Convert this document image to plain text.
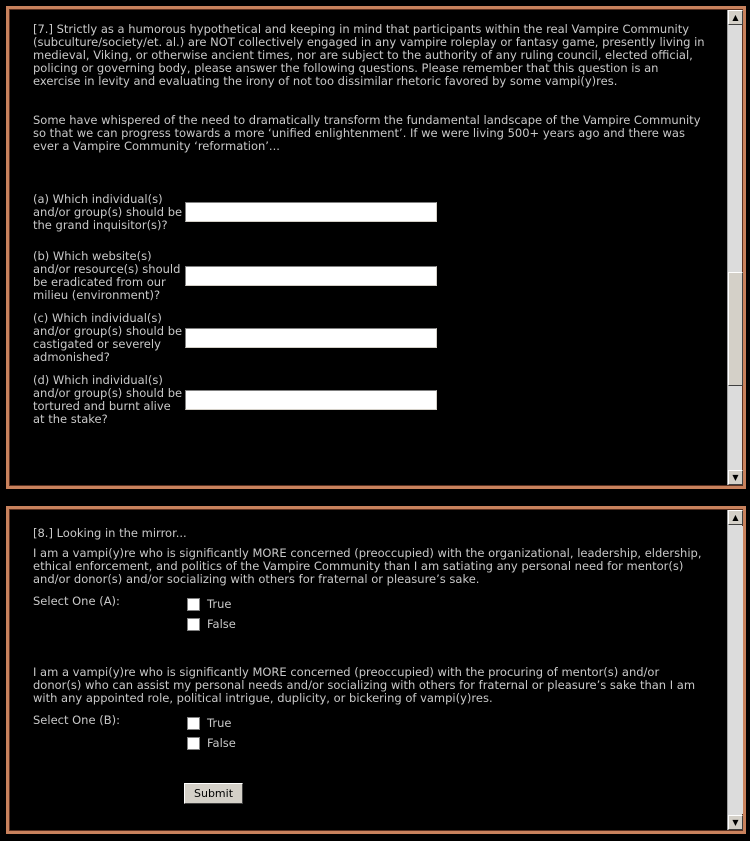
[7.] Strictly as a humorous hypothetical and keeping in mind that participants within the real Vampire Community (subculture/society/et. al.) are NOT collectively engaged in any vampire roleplay or fantasy game, presently living in medieval, Viking, or otherwise ancient times, nor are subject to the authority of any ruling council, elected official, policing or governing body, please answer the following questions. Please remember that this question is an exercise in levity and evaluating the irony of not too dissimilar rhetoric favored by some vampi(y)res.

Some have whispered of the need to dramatically transform the fundamental landscape of the Vampire Community so that we can progress towards a more ‘unified enlightenment’. If we were living 500+ years ago and there was ever a Vampire Community ‘reformation’...

(a) Which individual(s) and/or group(s) should be the grand inquisitor(s)?
(b) Which website(s) and/or resource(s) should be eradicated from our milieu (environment)?
(c) Which individual(s) and/or group(s) should be castigated or severely admonished?
(d) Which individual(s) and/or group(s) should be tortured and burnt alive at the stake?
▲
▼

[8.] Looking in the mirror...

I am a vampi(y)re who is significantly MORE concerned (preoccupied) with the organizational, leadership, eldership, ethical enforcement, and politics of the Vampire Community than I am satiating any personal need for mentor(s) and/or donor(s) and/or socializing with others for fraternal or pleasure’s sake.

Select One (A):	True
False

I am a vampi(y)re who is significantly MORE concerned (preoccupied) with the procuring of mentor(s) and/or donor(s) who can assist my personal needs and/or socializing with others for fraternal or pleasure’s sake than I am with any appointed role, political intrigue, duplicity, or bickering of vampi(y)res.

Select One (B):	True
False
Submit
▲
▼
